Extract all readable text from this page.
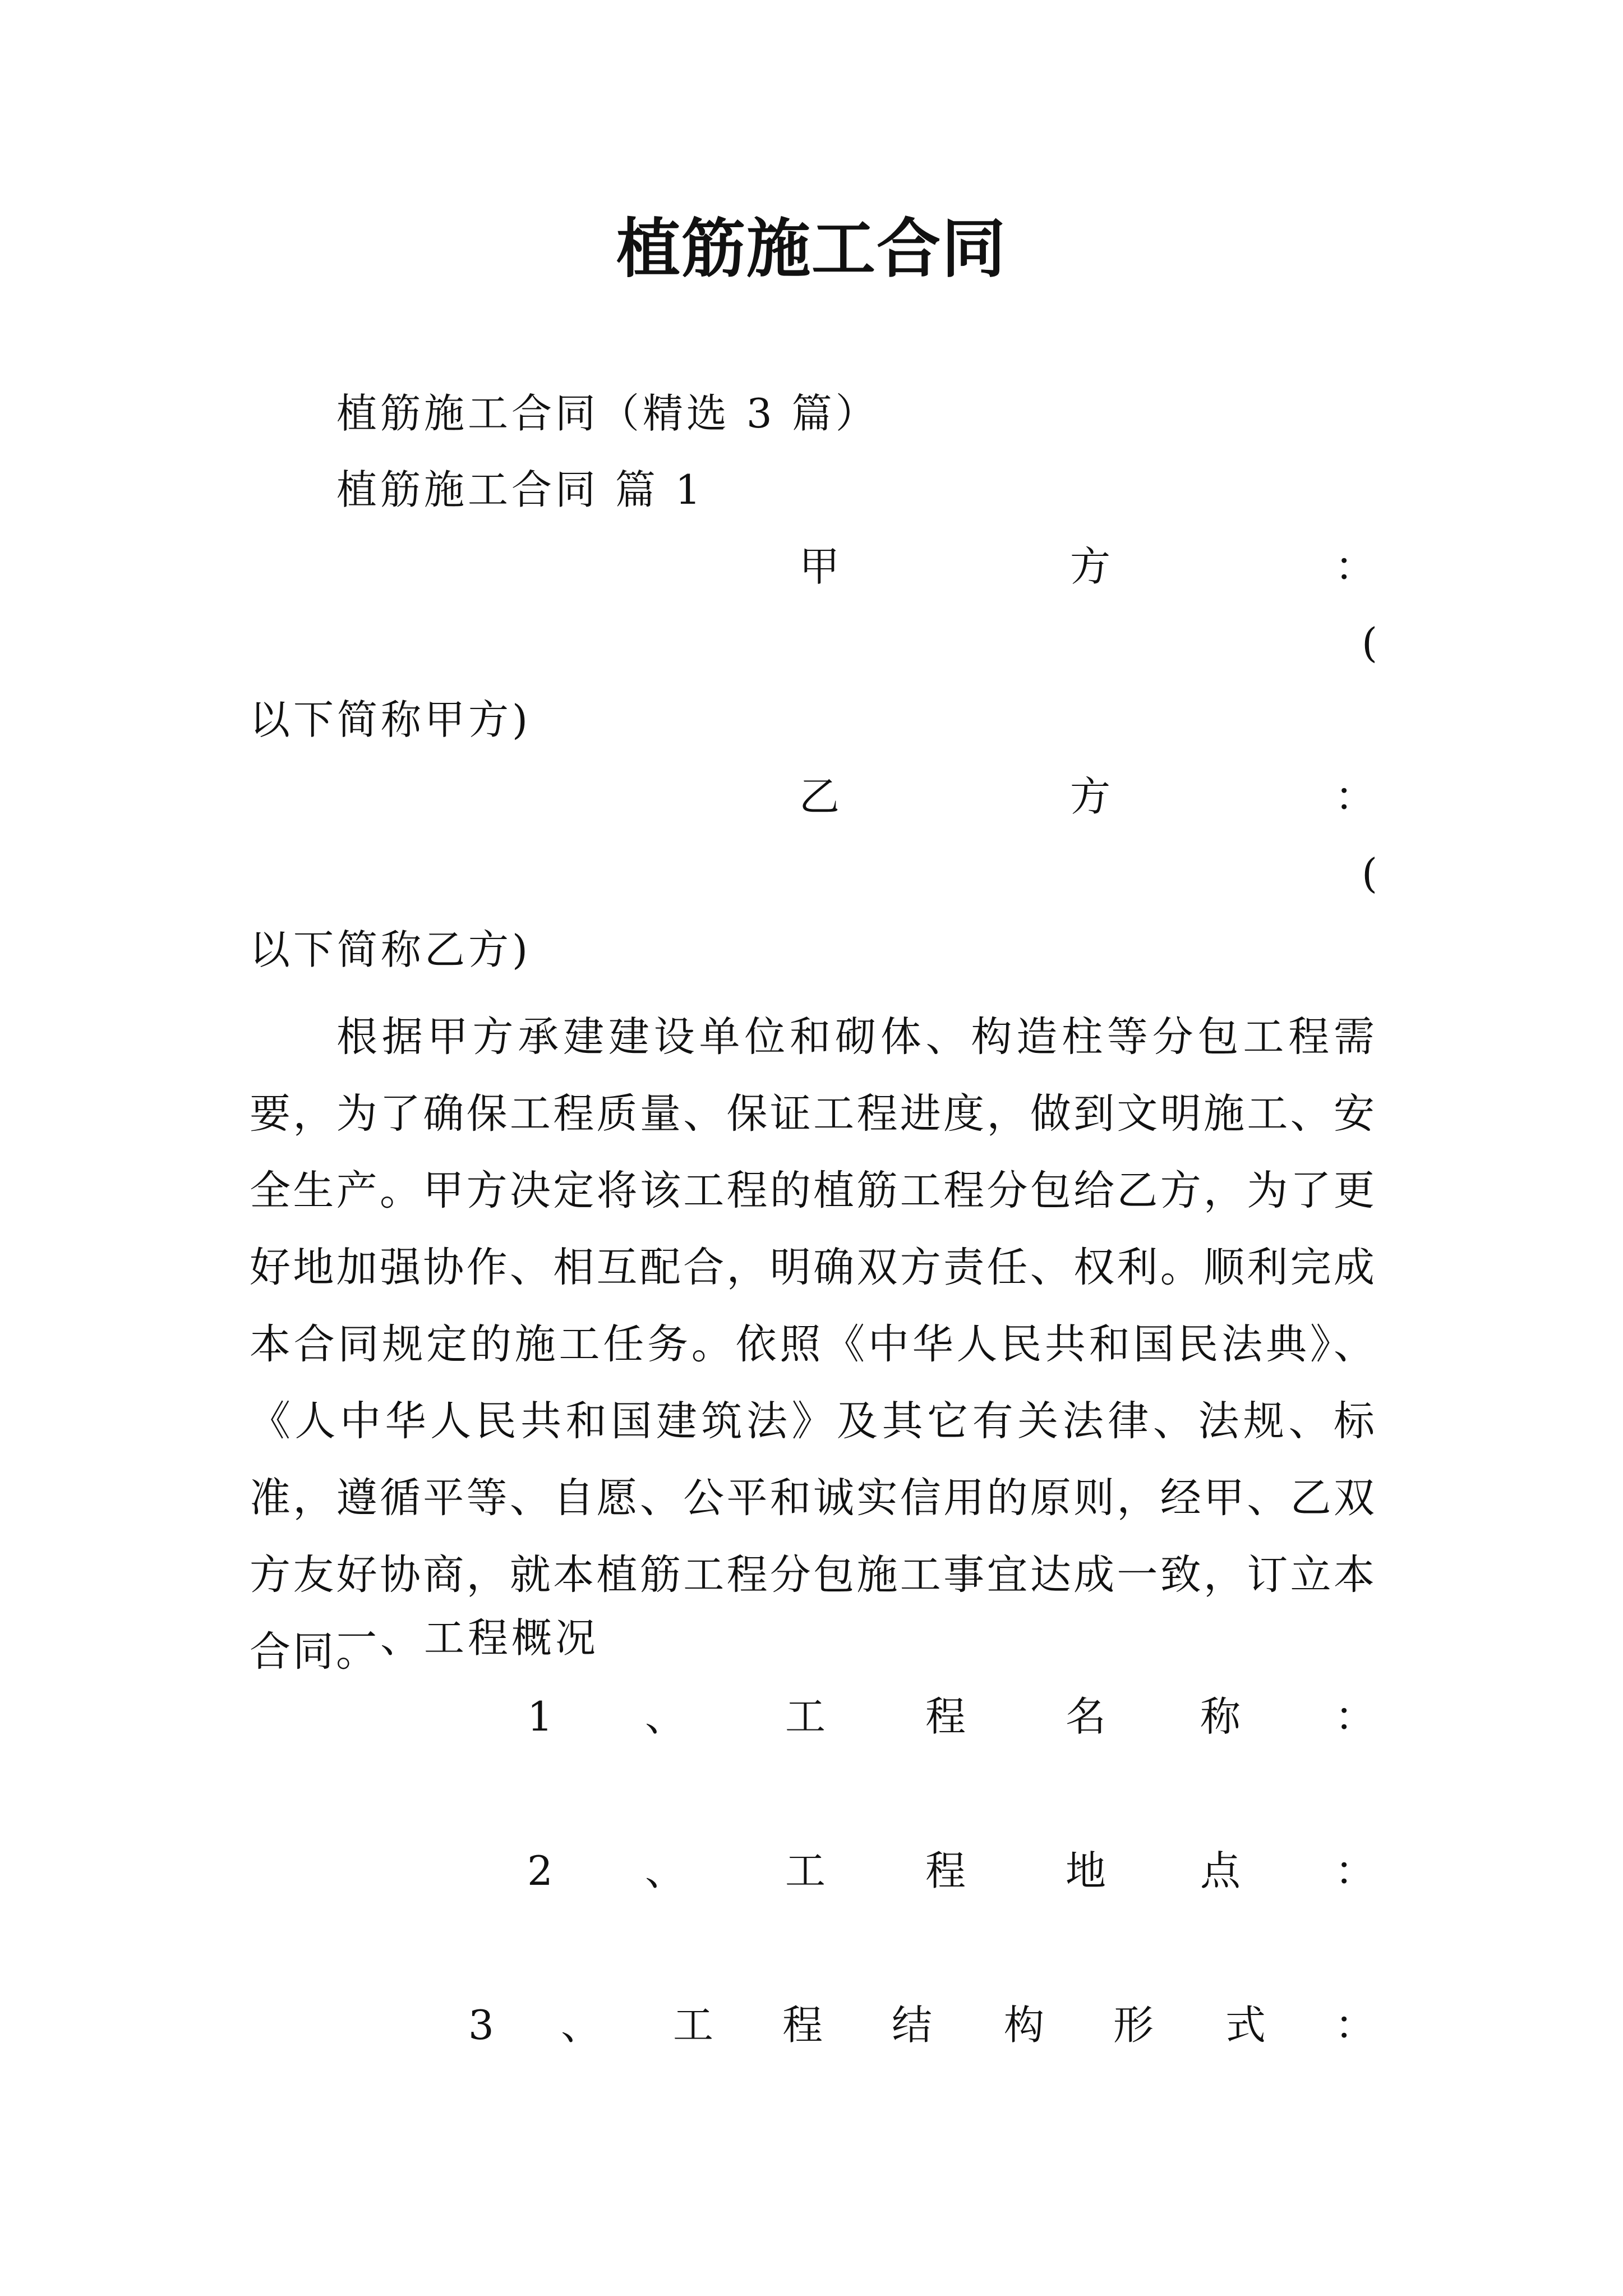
植筋施工合同
植筋施工合同（精选 3 篇）
植筋施工合同 篇 1
甲	方	：
(
以下简称甲方)
乙	方	：
(
以下简称乙方)

根据甲方承建建设单位和砌体、构造柱等分包工程需要，为了确保工程质量、保证工程进度，做到文明施工、安全生产。甲方决定将该工程的植筋工程分包给乙方，为了更好地加强协作、相互配合，明确双方责任、权利。顺利完成本合同规定的施工任务。依照《中华人民共和国民法典》、《人中华人民共和国建筑法》及其它有关法律、法规、标准，遵循平等、自愿、公平和诚实信用的原则，经甲、乙双方友好协商，就本植筋工程分包施工事宜达成一致，订立本合同。

一、工程概况
1 、 工 程 名 称 ：
2 、 工 程 地 点 ：
3 、 工 程 结 构 形 式 ：
